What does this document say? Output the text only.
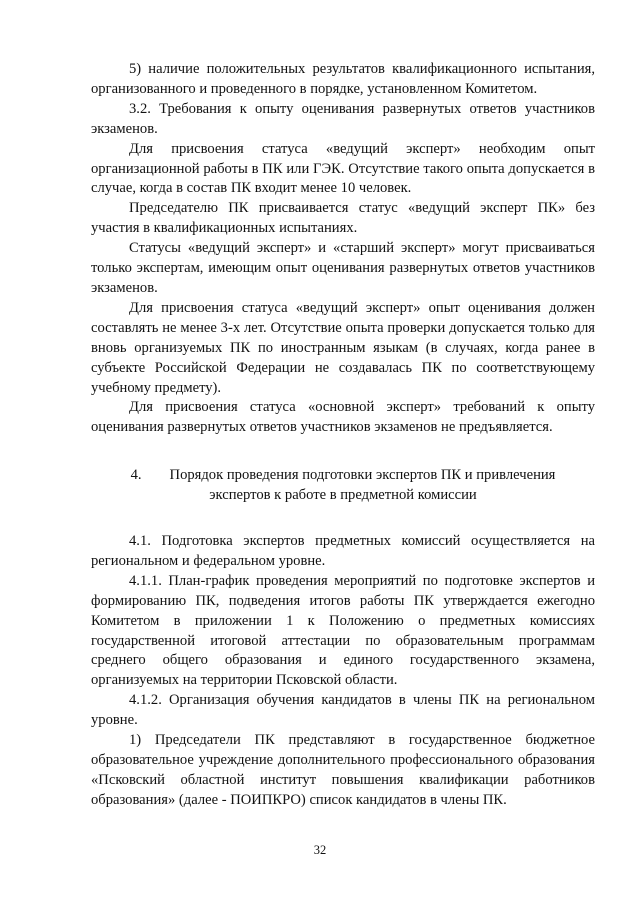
5) наличие положительных результатов квалификационного испытания, организованного и проведенного в порядке, установленном Комитетом.

3.2. Требования к опыту оценивания развернутых ответов участников экзаменов.

Для присвоения статуса «ведущий эксперт» необходим опыт организационной работы в ПК или ГЭК. Отсутствие такого опыта допускается в случае, когда в состав ПК входит менее 10 человек.

Председателю ПК присваивается статус «ведущий эксперт ПК» без участия в квалификационных испытаниях.

Статусы «ведущий эксперт» и «старший эксперт» могут присваиваться только экспертам, имеющим опыт оценивания развернутых ответов участников экзаменов.

Для присвоения статуса «ведущий эксперт» опыт оценивания должен составлять не менее 3-х лет. Отсутствие опыта проверки допускается только для вновь организуемых ПК по иностранным языкам (в случаях, когда ранее в субъекте Российской Федерации не создавалась ПК по соответствующему учебному предмету).

Для присвоения статуса «основной эксперт» требований к опыту оценивания развернутых ответов участников экзаменов не предъявляется.

4. Порядок проведения подготовки экспертов ПК и привлечения
экспертов к работе в предметной комиссии

4.1. Подготовка экспертов предметных комиссий осуществляется на региональном и федеральном уровне.

4.1.1. План-график проведения мероприятий по подготовке экспертов и формированию ПК, подведения итогов работы ПК утверждается ежегодно Комитетом в приложении 1 к Положению о предметных комиссиях государственной итоговой аттестации по образовательным программам среднего общего образования и единого государственного экзамена, организуемых на территории Псковской области.

4.1.2. Организация обучения кандидатов в члены ПК на региональном уровне.

1) Председатели ПК представляют в государственное бюджетное образовательное учреждение дополнительного профессионального образования «Псковский областной институт повышения квалификации работников образования» (далее - ПОИПКРО) список кандидатов в члены ПК.

32
